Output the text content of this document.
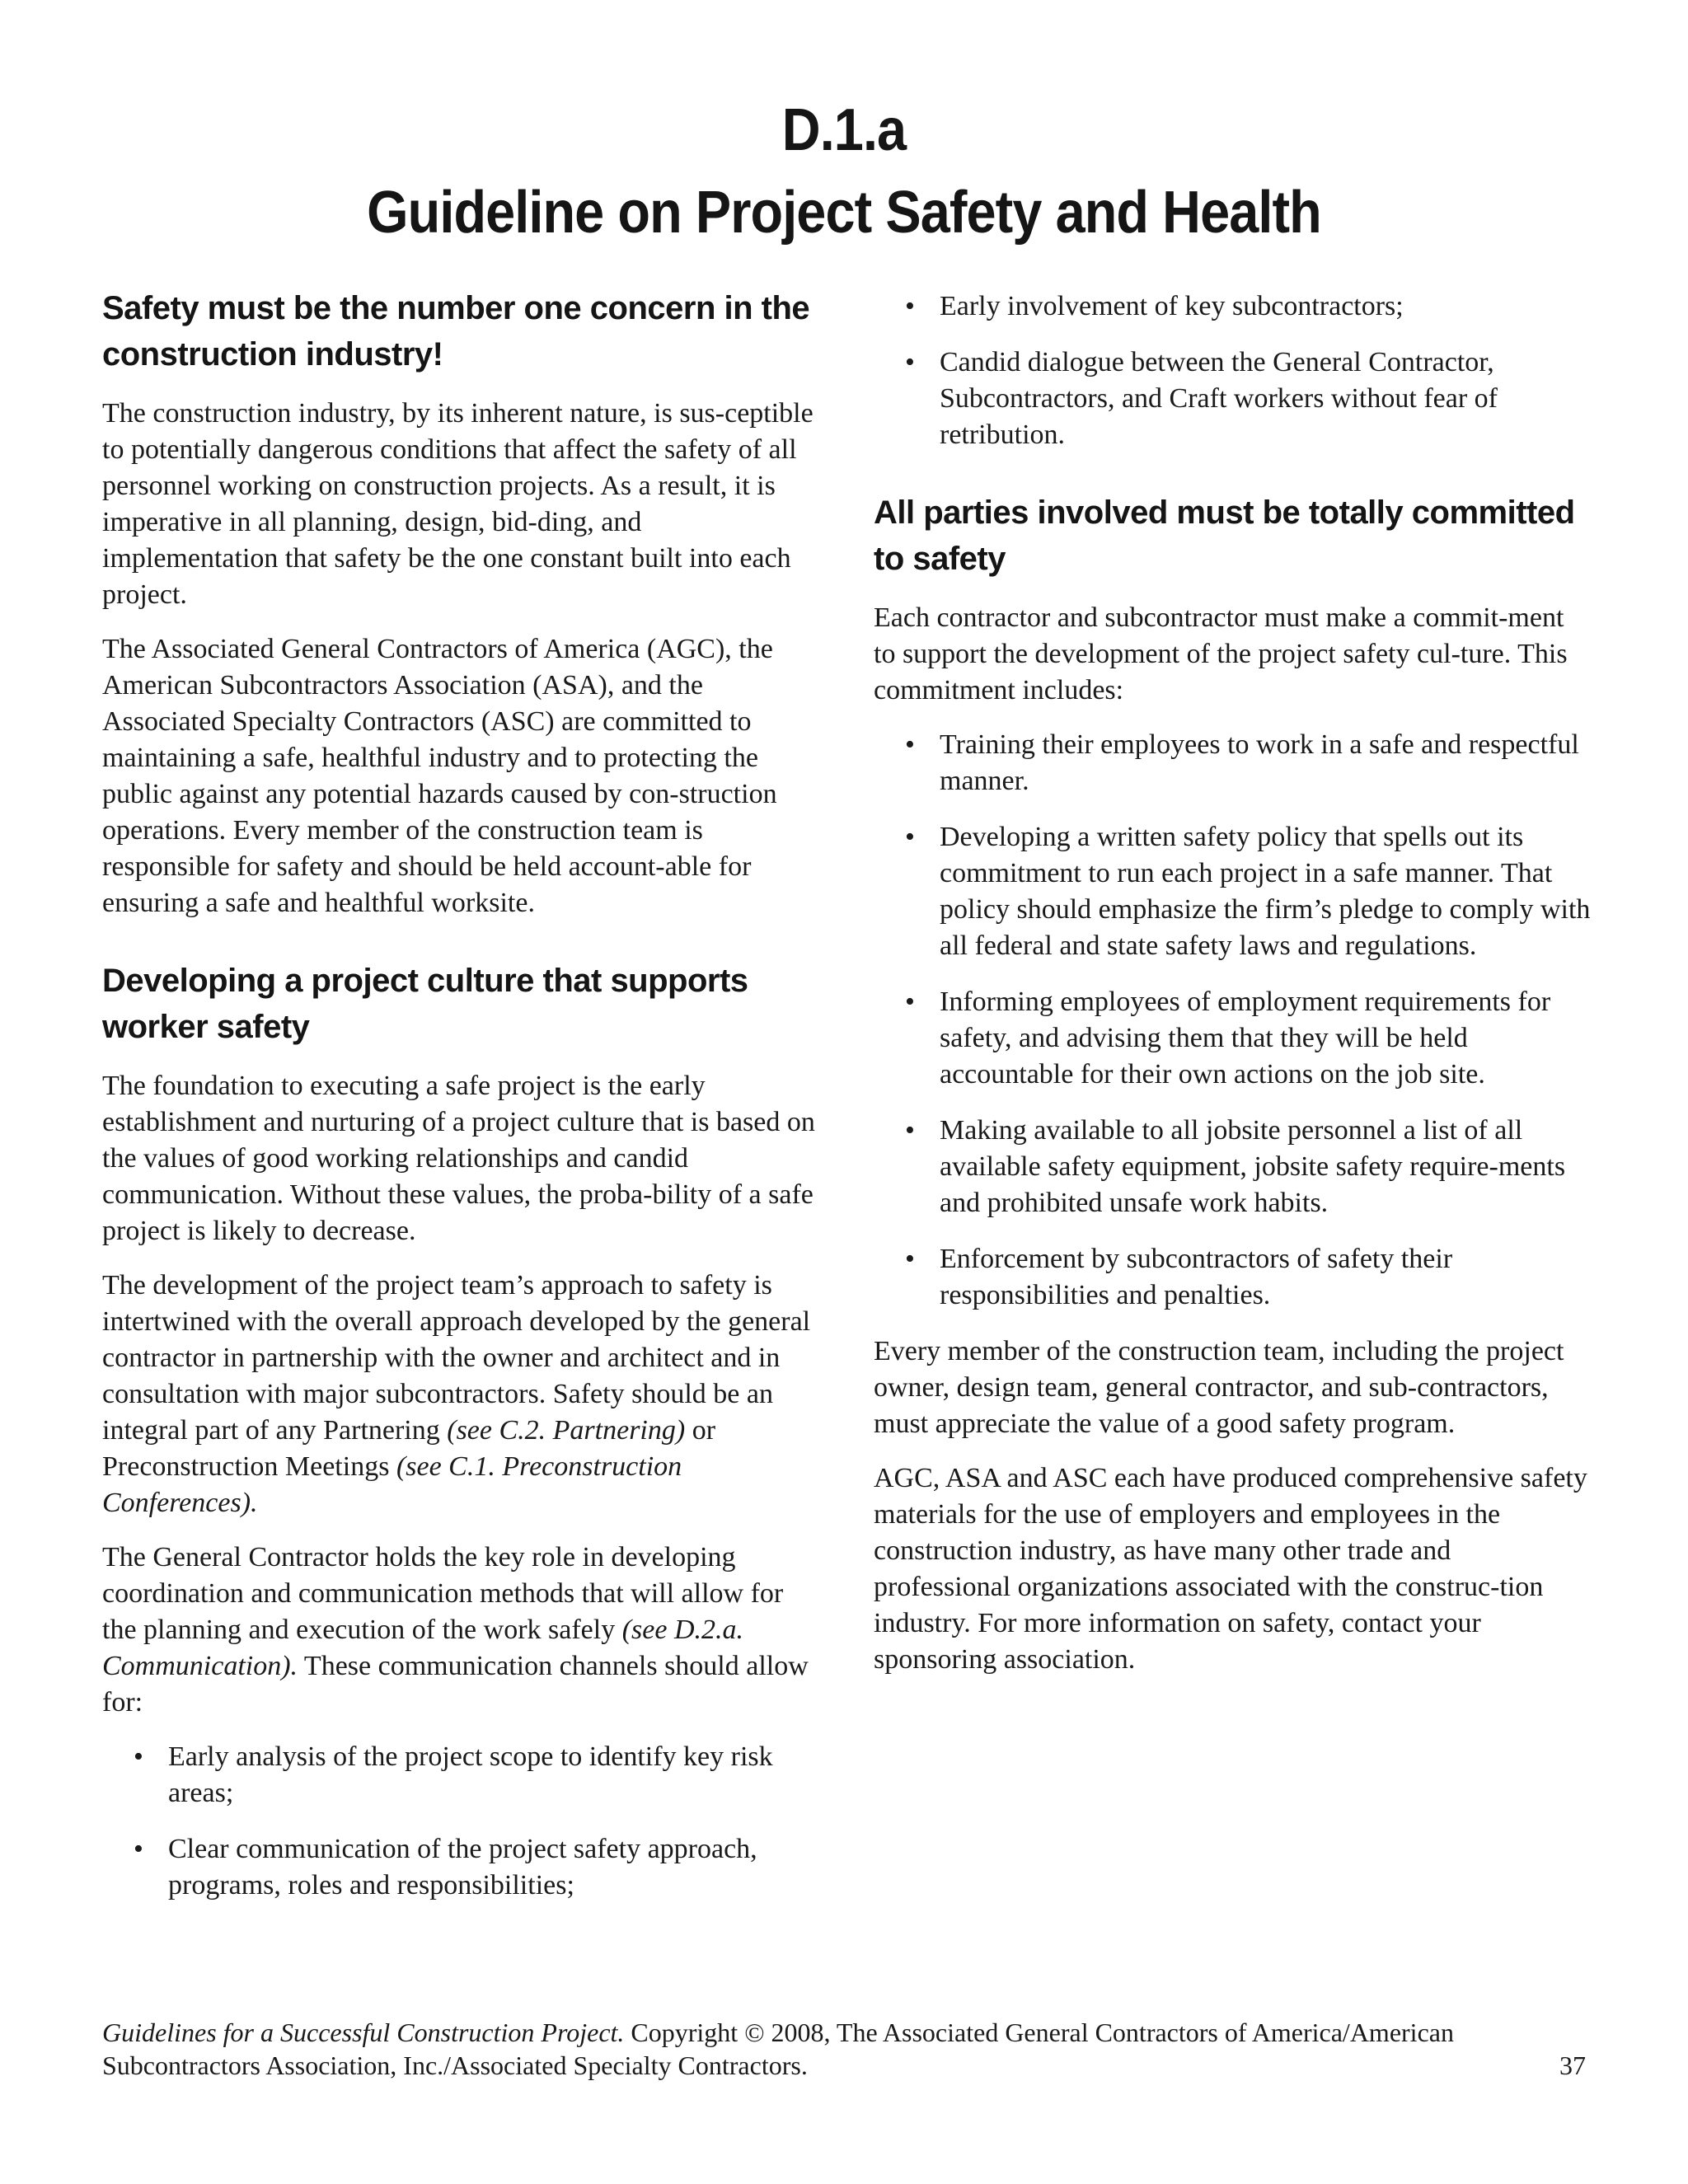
D.1.a
Guideline on Project Safety and Health
Safety must be the number one concern in the construction industry!

The construction industry, by its inherent nature, is sus-ceptible to potentially dangerous conditions that affect the safety of all personnel working on construction projects. As a result, it is imperative in all planning, design, bid-ding, and implementation that safety be the one constant built into each project.

The Associated General Contractors of America (AGC), the American Subcontractors Association (ASA), and the Associated Specialty Contractors (ASC) are committed to maintaining a safe, healthful industry and to protecting the public against any potential hazards caused by con-struction operations. Every member of the construction team is responsible for safety and should be held account-able for ensuring a safe and healthful worksite.

Developing a project culture that supports worker safety

The foundation to executing a safe project is the early establishment and nurturing of a project culture that is based on the values of good working relationships and candid communication. Without these values, the proba-bility of a safe project is likely to decrease.

The development of the project team’s approach to safety is intertwined with the overall approach developed by the general contractor in partnership with the owner and architect and in consultation with major subcontractors. Safety should be an integral part of any Partnering (see C.2. Partnering) or Preconstruction Meetings (see C.1. Preconstruction Conferences).

The General Contractor holds the key role in developing coordination and communication methods that will allow for the planning and execution of the work safely (see D.2.a. Communication). These communication channels should allow for:

• Early analysis of the project scope to identify key risk areas;
• Clear communication of the project safety approach, programs, roles and responsibilities;
• Early involvement of key subcontractors;
• Candid dialogue between the General Contractor, Subcontractors, and Craft workers without fear of retribution.
All parties involved must be totally committed to safety

Each contractor and subcontractor must make a commit-ment to support the development of the project safety cul-ture. This commitment includes:

• Training their employees to work in a safe and respectful manner.
• Developing a written safety policy that spells out its commitment to run each project in a safe manner. That policy should emphasize the firm’s pledge to comply with all federal and state safety laws and regulations.
• Informing employees of employment requirements for safety, and advising them that they will be held accountable for their own actions on the job site.
• Making available to all jobsite personnel a list of all available safety equipment, jobsite safety require-ments and prohibited unsafe work habits.
• Enforcement by subcontractors of safety their responsibilities and penalties.

Every member of the construction team, including the project owner, design team, general contractor, and sub-contractors, must appreciate the value of a good safety program.

AGC, ASA and ASC each have produced comprehensive safety materials for the use of employers and employees in the construction industry, as have many other trade and professional organizations associated with the construc-tion industry. For more information on safety, contact your sponsoring association.

Guidelines for a Successful Construction Project. Copyright © 2008, The Associated General Contractors of America/American Subcontractors Association, Inc./Associated Specialty Contractors.	37
